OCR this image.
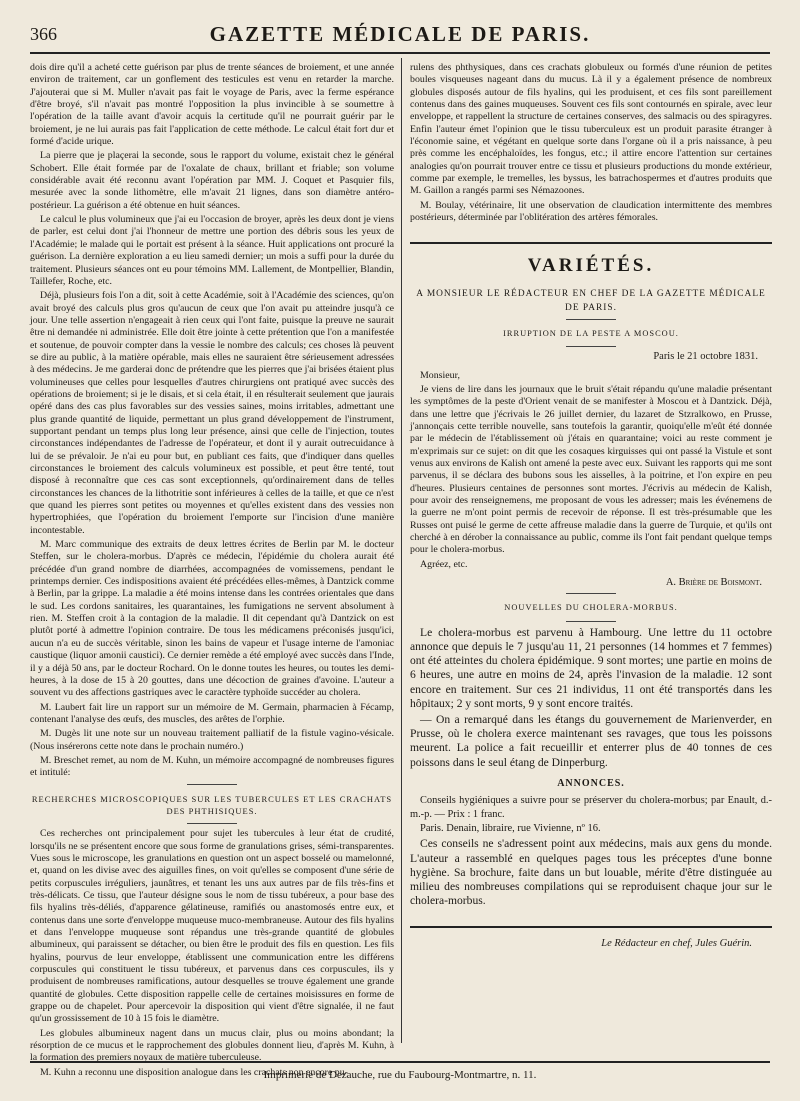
366	GAZETTE MÉDICALE DE PARIS.

dois dire qu'il a acheté cette guérison par plus de trente séances de broiement, et une année environ de traitement, car un gonflement des testicules est venu en retarder la marche. J'ajouterai que si M. Muller n'avait pas fait le voyage de Paris, avec la ferme espérance d'être broyé, s'il n'avait pas montré l'opposition la plus invincible à se soumettre à l'opération de la taille avant d'avoir acquis la certitude qu'il ne pourrait guérir par le broiement, je ne lui aurais pas fait l'application de cette méthode. Le calcul était fort dur et formé d'acide urique.

La pierre que je plaçerai la seconde, sous le rapport du volume, existait chez le général Schobert. Elle était formée par de l'oxalate de chaux, brillant et friable; son volume considérable avait été reconnu avant l'opération par MM. J. Coquet et Pasquier fils, mesurée avec la sonde lithomètre, elle m'avait 21 lignes, dans son diamètre antéro-postérieur. La guérison a été obtenue en huit séances.

Le calcul le plus volumineux que j'ai eu l'occasion de broyer, après les deux dont je viens de parler, est celui dont j'ai l'honneur de mettre une portion des débris sous les yeux de l'Académie; le malade qui le portait est présent à la séance. Huit applications ont procuré la guérison. La dernière exploration a eu lieu samedi dernier; un mois a suffi pour la durée du traitement. Plusieurs séances ont eu pour témoins MM. Lallement, de Montpellier, Blandin, Taillefer, Roche, etc.

Déjà, plusieurs fois l'on a dit, soit à cette Académie, soit à l'Académie des sciences, qu'on avait broyé des calculs plus gros qu'aucun de ceux que l'on avait pu atteindre jusqu'à ce jour. Une telle assertion n'engageait à rien ceux qui l'ont faite, puisque la preuve ne saurait être ni demandée ni administrée. Elle doit être jointe à cette prétention que l'on a manifestée et soutenue, de pouvoir compter dans la vessie le nombre des calculs; ces choses là peuvent se dire au public, à la matière opérable, mais elles ne sauraient être sérieusement adressées à des médecins. Je me garderai donc de prétendre que les pierres que j'ai brisées étaient plus volumineuses que celles pour lesquelles d'autres chirurgiens ont pratiqué avec succès des opérations de broiement; si je le disais, et si cela était, il en résulterait seulement que jaurais opéré dans des cas plus favorables sur des vessies saines, moins irritables, admettant une plus grande quantité de liquide, permettant un plus grand développement de l'instrument, supportant pendant un temps plus long leur présence, ainsi que celle de l'injection, toutes circonstances indépendantes de l'adresse de l'opérateur, et dont il y aurait outrecuidance à lui de se prévaloir. Je n'ai eu pour but, en publiant ces faits, que d'indiquer dans quelles circonstances le broiement des calculs volumineux est possible, et peut être tenté, tout disposé à reconnaître que ces cas sont exceptionnels, qu'ordinairement dans de telles circonstances les chances de la lithotritie sont inférieures à celles de la taille, et que ce n'est que quand les pierres sont petites ou moyennes et qu'elles existent dans des vessies non hypertrophiées, que l'opération du broiement l'emporte sur l'incision d'une manière incontestable.

M. Marc communique des extraits de deux lettres écrites de Berlin par M. le docteur Steffen, sur le cholera-morbus. D'après ce médecin, l'épidémie du cholera aurait été précédée d'un grand nombre de diarrhées, accompagnées de vomissemens, pendant le printemps dernier. Ces indispositions avaient été précédées elles-mêmes, à Dantzick comme à Berlin, par la grippe. La maladie a été moins intense dans les contrées orientales que dans le sud. Les cordons sanitaires, les quarantaines, les fumigations ne servent absolument à rien. M. Steffen croit à la contagion de la maladie. Il dit cependant qu'à Dantzick on est plutôt porté à admettre l'opinion contraire. De tous les médicamens préconisés jusqu'ici, aucun n'a eu de succès véritable, sinon les bains de vapeur et l'usage interne de l'amoniac caustique (liquor amonii caustici). Ce dernier remède a été employé avec succès dans l'Inde, il y a déjà 50 ans, par le docteur Rochard. On le donne toutes les heures, ou toutes les demi-heures, à la dose de 15 à 20 gouttes, dans une décoction de graines d'avoine. L'auteur a souvent vu des affections gastriques avec le caractère typhoïde succéder au cholera.

M. Laubert fait lire un rapport sur un mémoire de M. Germain, pharmacien à Fécamp, contenant l'analyse des œufs, des muscles, des arêtes de l'orphie.

M. Dugès lit une note sur un nouveau traitement palliatif de la fistule vagino-vésicale. (Nous insérerons cette note dans le prochain numéro.)

M. Breschet remet, au nom de M. Kuhn, un mémoire accompagné de nombreuses figures et intitulé:

RECHERCHES MICROSCOPIQUES SUR LES TUBERCULES ET LES CRACHATS DES PHTHISIQUES.

Ces recherches ont principalement pour sujet les tubercules à leur état de crudité, lorsqu'ils ne se présentent encore que sous forme de granulations grises, sémi-transparentes. Vues sous le microscope, les granulations en question ont un aspect bosselé ou mamelonné, et, quand on les divise avec des aiguilles fines, on voit qu'elles se composent d'une série de petits corpuscules irréguliers, jaunâtres, et tenant les uns aux autres par de fils très-fins et très-délicats. Ce tissu, que l'auteur désigne sous le nom de tissu tubéreux, a pour base des fils hyalins très-déliés, d'apparence gélatineuse, ramifiés ou anastomosés entre eux, et contenus dans une sorte d'enveloppe muqueuse muco-membraneuse. Autour des fils hyalins et dans l'enveloppe muqueuse sont répandus une très-grande quantité de globules albumineux, qui paraissent se détacher, ou bien être le produit des fils en question. Les fils hyalins, pourvus de leur enveloppe, établissent une communication entre les différens corpuscules qui constituent le tissu tubéreux, et parvenus dans ces corpuscules, ils y produisent de nombreuses ramifications, autour desquelles se trouve également une grande quantité de globules. Cette disposition rappelle celle de certaines moisissures en forme de grappe ou de chapelet. Pour apercevoir la disposition qui vient d'être signalée, il ne faut qu'un grossissement de 10 à 15 fois le diamètre.

Les globules albumineux nagent dans un mucus clair, plus ou moins abondant; la résorption de ce mucus et le rapprochement des globules donnent lieu, d'après M. Kuhn, à la formation des premiers noyaux de matière tuberculeuse.

M. Kuhn a reconnu une disposition analogue dans les crachats non encore pu-

rulens des phthysiques, dans ces crachats globuleux ou formés d'une réunion de petites boules visqueuses nageant dans du mucus. Là il y a également présence de nombreux globules disposés autour de fils hyalins, qui les produisent, et ces fils sont pareillement contenus dans des gaines muqueuses. Souvent ces fils sont contournés en spirale, avec leur enveloppe, et rappellent la structure de certaines conserves, des salmacis ou des spiragyres. Enfin l'auteur émet l'opinion que le tissu tuberculeux est un produit parasite étranger à l'économie saine, et végétant en quelque sorte dans l'organe où il a pris naissance, à peu près comme les encéphaloïdes, les fongus, etc.; il attire encore l'attention sur certaines analogies qu'on pourrait trouver entre ce tissu et plusieurs productions du monde extérieur, comme par exemple, le tremelles, les byssus, les batrachospermes et d'autres produits que M. Gaillon a rangés parmi ses Némazoones.

M. Boulay, vétérinaire, lit une observation de claudication intermittente des membres postérieurs, déterminée par l'oblitération des artères fémorales.

VARIÉTÉS.
A MONSIEUR LE RÉDACTEUR EN CHEF DE LA GAZETTE MÉDICALE DE PARIS.
IRRUPTION DE LA PESTE A MOSCOU.
Paris le 21 octobre 1831.

Monsieur,

Je viens de lire dans les journaux que le bruit s'était répandu qu'une maladie présentant les symptômes de la peste d'Orient venait de se manifester à Moscou et à Dantzick. Déjà, dans une lettre que j'écrivais le 26 juillet dernier, du lazaret de Stzralkowo, en Prusse, j'annonçais cette terrible nouvelle, sans toutefois la garantir, quoiqu'elle m'eût été donnée par le médecin de l'établissement où j'étais en quarantaine; voici au reste comment je m'exprimais sur ce sujet: on dit que les cosaques kirguisses qui ont passé la Vistule et sont venus aux environs de Kalish ont amené la peste avec eux. Suivant les rapports qui me sont parvenus, il se déclara des bubons sous les aisselles, à la poitrine, et l'on expire en peu d'heures. Plusieurs centaines de personnes sont mortes. J'écrivis au médecin de Kalish, pour avoir des renseignemens, me proposant de vous les adresser; mais les événemens de la guerre ne m'ont point permis de recevoir de réponse. Il est très-présumable que les Russes ont puisé le germe de cette affreuse maladie dans la guerre de Turquie, et qu'ils ont cherché à en dérober la connaissance au public, comme ils l'ont fait pendant quelque temps pour le cholera-morbus.

Agréez, etc.

A. Brière de Boismont.
NOUVELLES DU CHOLERA-MORBUS.

Le cholera-morbus est parvenu à Hambourg. Une lettre du 11 octobre annonce que depuis le 7 jusqu'au 11, 21 personnes (14 hommes et 7 femmes) ont été atteintes du cholera épidémique. 9 sont mortes; une partie en moins de 6 heures, une autre en moins de 24, après l'invasion de la maladie. 12 sont encore en traitement. Sur ces 21 individus, 11 ont été transportés dans les hôpitaux; 2 y sont morts, 9 y sont encore traités.

— On a remarqué dans les étangs du gouvernement de Marienverder, en Prusse, où le cholera exerce maintenant ses ravages, que tous les poissons meurent. La police a fait recueillir et enterrer plus de 40 tonnes de ces poissons dans le seul étang de Dinperburg.

ANNONCES.

Conseils hygiéniques a suivre pour se préserver du cholera-morbus; par Enault, d.-m.-p. — Prix : 1 franc.

Paris. Denain, libraire, rue Vivienne, nº 16.

Ces conseils ne s'adressent point aux médecins, mais aux gens du monde. L'auteur a rassemblé en quelques pages tous les préceptes d'une bonne hygiène. Sa brochure, faite dans un but louable, mérite d'être distinguée au milieu des nombreuses compilations qui se reproduisent chaque jour sur le cholera-morbus.

Le Rédacteur en chef, Jules Guérin.
Imprimerie de Dezauche, rue du Faubourg-Montmartre, n. 11.
